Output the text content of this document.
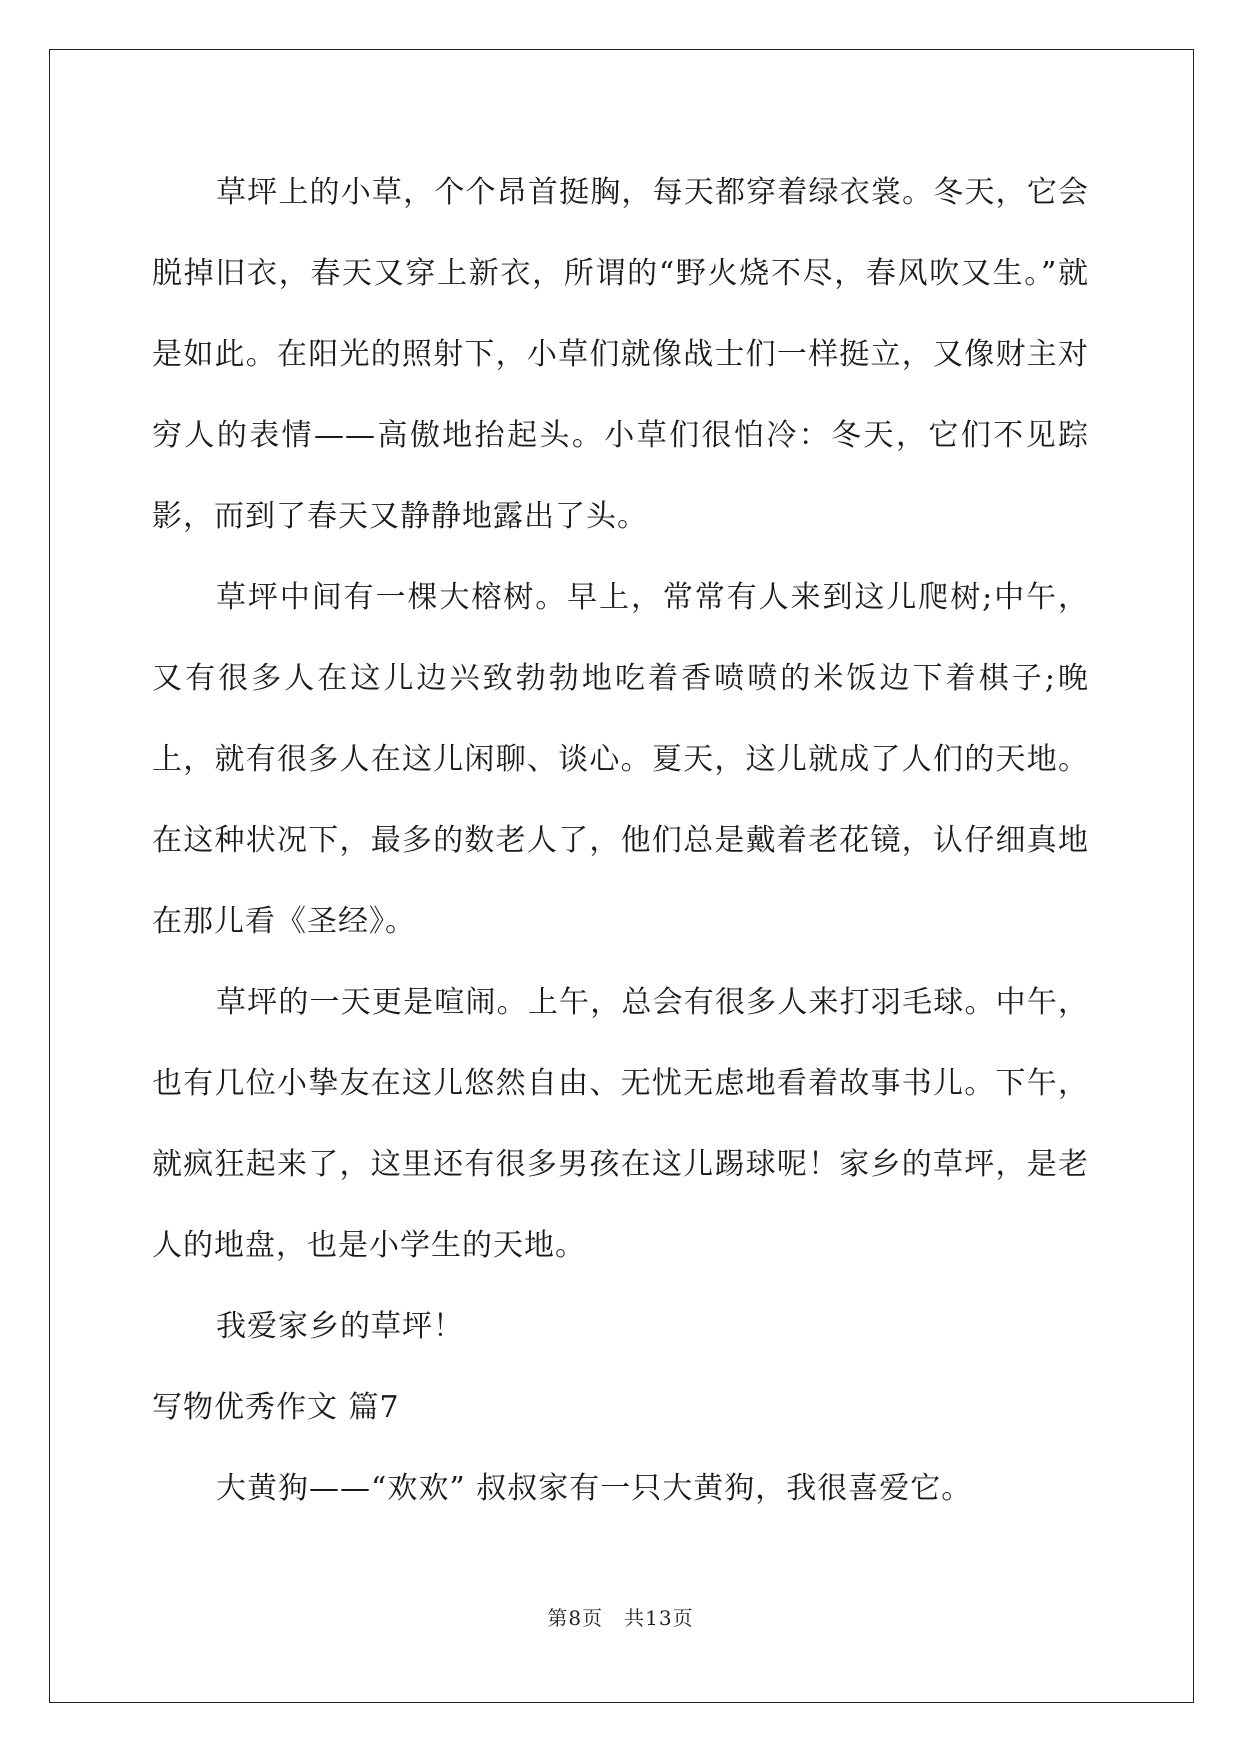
草坪上的小草，个个昂首挺胸，每天都穿着绿衣裳。冬天，它会脱掉旧衣，春天又穿上新衣，所谓的“野火烧不尽，春风吹又生。”就是如此。在阳光的照射下，小草们就像战士们一样挺立，又像财主对穷人的表情——高傲地抬起头。小草们很怕冷：冬天，它们不见踪影，而到了春天又静静地露出了头。

草坪中间有一棵大榕树。早上，常常有人来到这儿爬树;中午，又有很多人在这儿边兴致勃勃地吃着香喷喷的米饭边下着棋子;晚上，就有很多人在这儿闲聊、谈心。夏天，这儿就成了人们的天地。在这种状况下，最多的数老人了，他们总是戴着老花镜，认仔细真地在那儿看《圣经》。

草坪的一天更是喧闹。上午，总会有很多人来打羽毛球。中午，也有几位小挚友在这儿悠然自由、无忧无虑地看着故事书儿。下午，就疯狂起来了，这里还有很多男孩在这儿踢球呢！家乡的草坪，是老人的地盘，也是小学生的天地。

我爱家乡的草坪！

写物优秀作文 篇7

大黄狗——“欢欢” 叔叔家有一只大黄狗，我很喜爱它。

第8页　共13页
